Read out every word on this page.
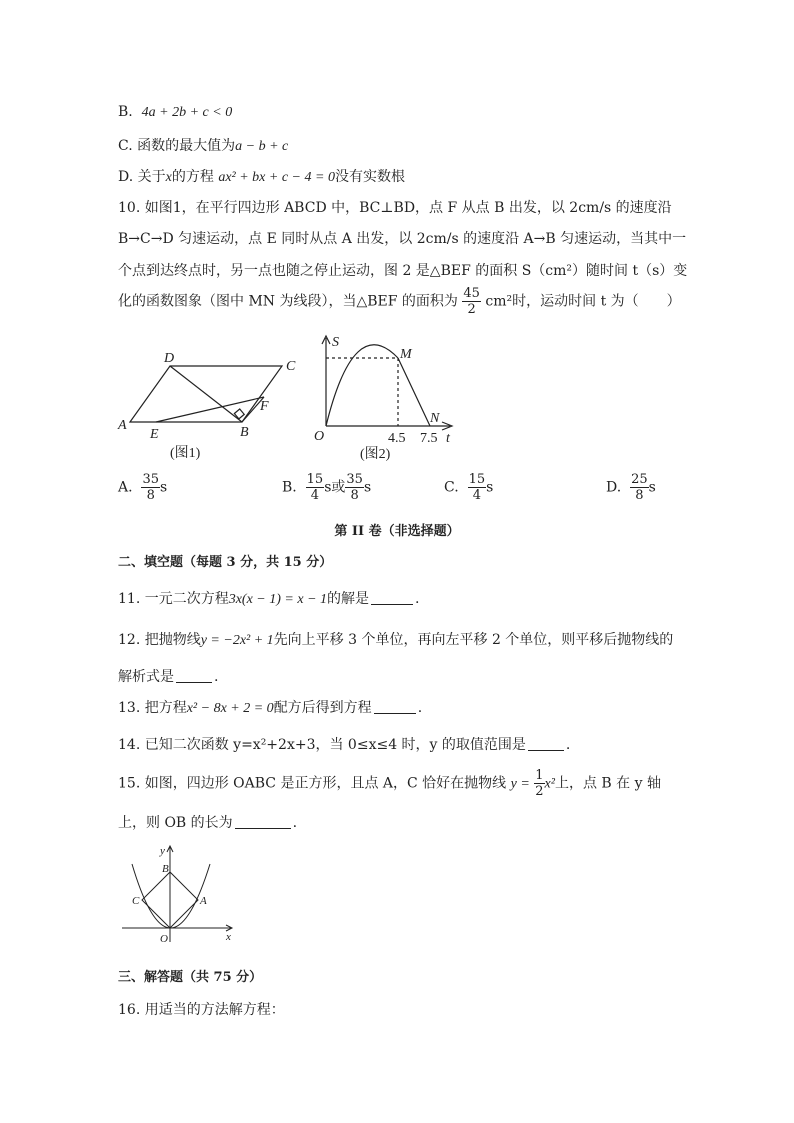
B. 4a + 2b + c < 0
C. 函数的最大值为a − b + c
D. 关于x的方程 ax² + bx + c − 4 = 0没有实数根
10. 如图1，在平行四边形 ABCD 中，BC⊥BD，点 F 从点 B 出发，以 2cm/s 的速度沿
B→C→D 匀速运动，点 E 同时从点 A 出发，以 2cm/s 的速度沿 A→B 匀速运动，当其中一
个点到达终点时，另一点也随之停止运动，图 2 是△BEF 的面积 S（cm²）随时间 t（s）变
化的函数图象（图中 MN 为线段），当△BEF 的面积为 $\frac{45}{2} cm^2$时，运动时间 t 为（　　）
D
C
A
E	B
F
(图1)
S
M
N
O	4.5 7.5 t
(图2)
A. $\frac{35}{8}$ s	B. $\frac{15}{4}$ s或 $\frac{35}{8}$ s	C. $\frac{15}{4}$ s	D. $\frac{25}{8}$ s
第 II 卷（非选择题）
二、填空题（每题 3 分，共 15 分）
11. 一元二次方程3x(x − 1) = x − 1的解是	.
12. 把抛物线y = −2x² + 1先向上平移 3 个单位，再向左平移 2 个单位，则平移后抛物线的
解析式是	.
13. 把方程x² − 8x + 2 = 0配方后得到方程	.
14. 已知二次函数 y=x²+2x+3，当 0≤x≤4 时，y 的取值范围是	.
15. 如图，四边形 OABC 是正方形，且点 A，C 恰好在抛物线 $y = \frac{1}{2} x^2$上，点 B 在 y 轴
上，则 OB 的长为	.
y
x
B
C	A
O
三、解答题（共 75 分）
16. 用适当的方法解方程：
